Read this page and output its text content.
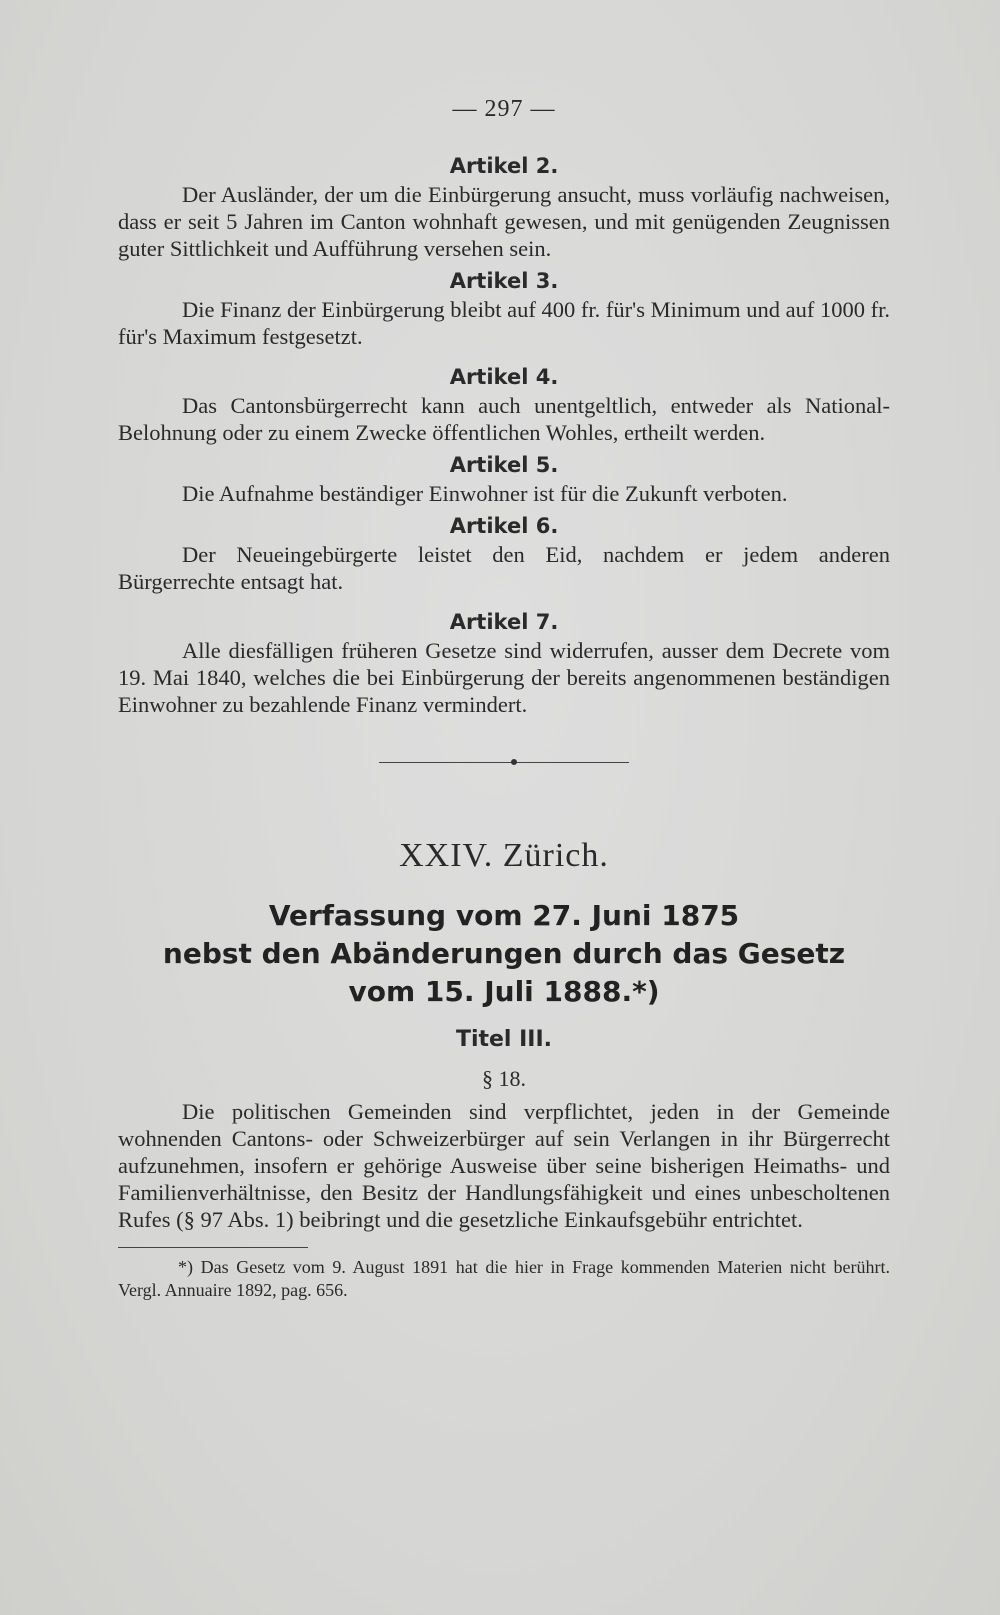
— 297 —
Artikel 2.

Der Ausländer, der um die Einbürgerung ansucht, muss vorläufig nachweisen, dass er seit 5 Jahren im Canton wohnhaft gewesen, und mit genügenden Zeugnissen guter Sittlichkeit und Aufführung versehen sein.

Artikel 3.

Die Finanz der Einbürgerung bleibt auf 400 fr. für's Minimum und auf 1000 fr. für's Maximum festgesetzt.

Artikel 4.

Das Cantonsbürgerrecht kann auch unentgeltlich, entweder als National-Belohnung oder zu einem Zwecke öffentlichen Wohles, ertheilt werden.

Artikel 5.

Die Aufnahme beständiger Einwohner ist für die Zukunft verboten.

Artikel 6.

Der Neueingebürgerte leistet den Eid, nachdem er jedem anderen Bürgerrechte entsagt hat.

Artikel 7.

Alle diesfälligen früheren Gesetze sind widerrufen, ausser dem Decrete vom 19. Mai 1840, welches die bei Einbürgerung der bereits angenommenen beständigen Einwohner zu bezahlende Finanz vermindert.

XXIV. Zürich.
Verfassung vom 27. Juni 1875
nebst den Abänderungen durch das Gesetz
vom 15. Juli 1888.*)
Titel III.
§ 18.

Die politischen Gemeinden sind verpflichtet, jeden in der Gemeinde wohnenden Cantons- oder Schweizerbürger auf sein Verlangen in ihr Bürgerrecht aufzunehmen, insofern er gehörige Ausweise über seine bisherigen Heimaths- und Familienverhältnisse, den Besitz der Handlungsfähigkeit und eines unbescholtenen Rufes (§ 97 Abs. 1) beibringt und die gesetzliche Einkaufsgebühr entrichtet.

*) Das Gesetz vom 9. August 1891 hat die hier in Frage kommenden Materien nicht berührt. Vergl. Annuaire 1892, pag. 656.
